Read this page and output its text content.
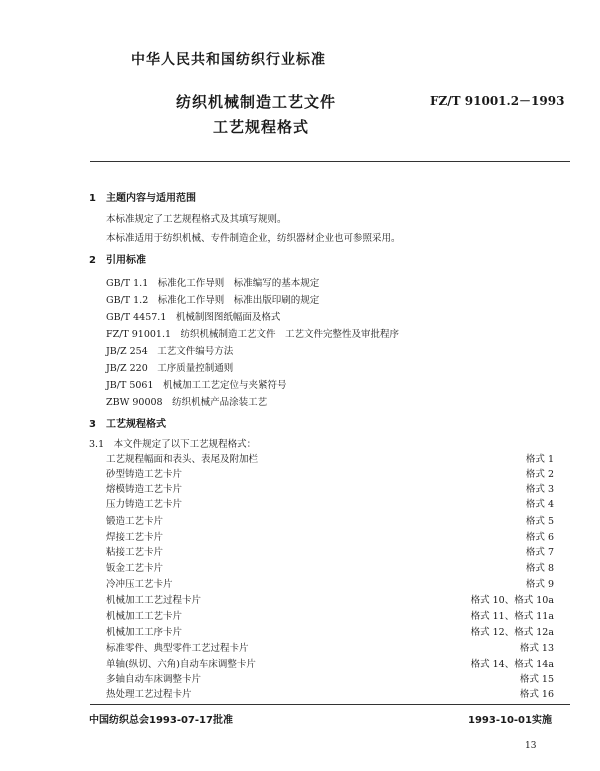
中华人民共和国纺织行业标准
纺织机械制造工艺文件
工艺规程格式
FZ/T 91001.2－1993
1　主题内容与适用范围
本标准规定了工艺规程格式及其填写规则。
本标准适用于纺织机械、专件制造企业，纺织器材企业也可参照采用。
2　引用标准
GB/T 1.1　标准化工作导则　标准编写的基本规定
GB/T 1.2　标准化工作导则　标准出版印刷的规定
GB/T 4457.1　机械制图图纸幅面及格式
FZ/T 91001.1　纺织机械制造工艺文件　工艺文件完整性及审批程序
JB/Z 254　工艺文件编号方法
JB/Z 220　工序质量控制通则
JB/T 5061　机械加工工艺定位与夹紧符号
ZBW 90008　纺织机械产品涂装工艺
3　工艺规程格式
3.1　本文件规定了以下工艺规程格式：
工艺规程幅面和表头、表尾及附加栏	格式 1
砂型铸造工艺卡片	格式 2
熔模铸造工艺卡片	格式 3
压力铸造工艺卡片	格式 4
锻造工艺卡片	格式 5
焊接工艺卡片	格式 6
粘接工艺卡片	格式 7
钣金工艺卡片	格式 8
冷冲压工艺卡片	格式 9
机械加工工艺过程卡片	格式 10、格式 10a
机械加工工艺卡片	格式 11、格式 11a
机械加工工序卡片	格式 12、格式 12a
标准零件、典型零件工艺过程卡片	格式 13
单轴(纵切、六角)自动车床调整卡片	格式 14、格式 14a
多轴自动车床调整卡片	格式 15
热处理工艺过程卡片	格式 16
中国纺织总会1993-07-17批准	1993-10-01实施
13
